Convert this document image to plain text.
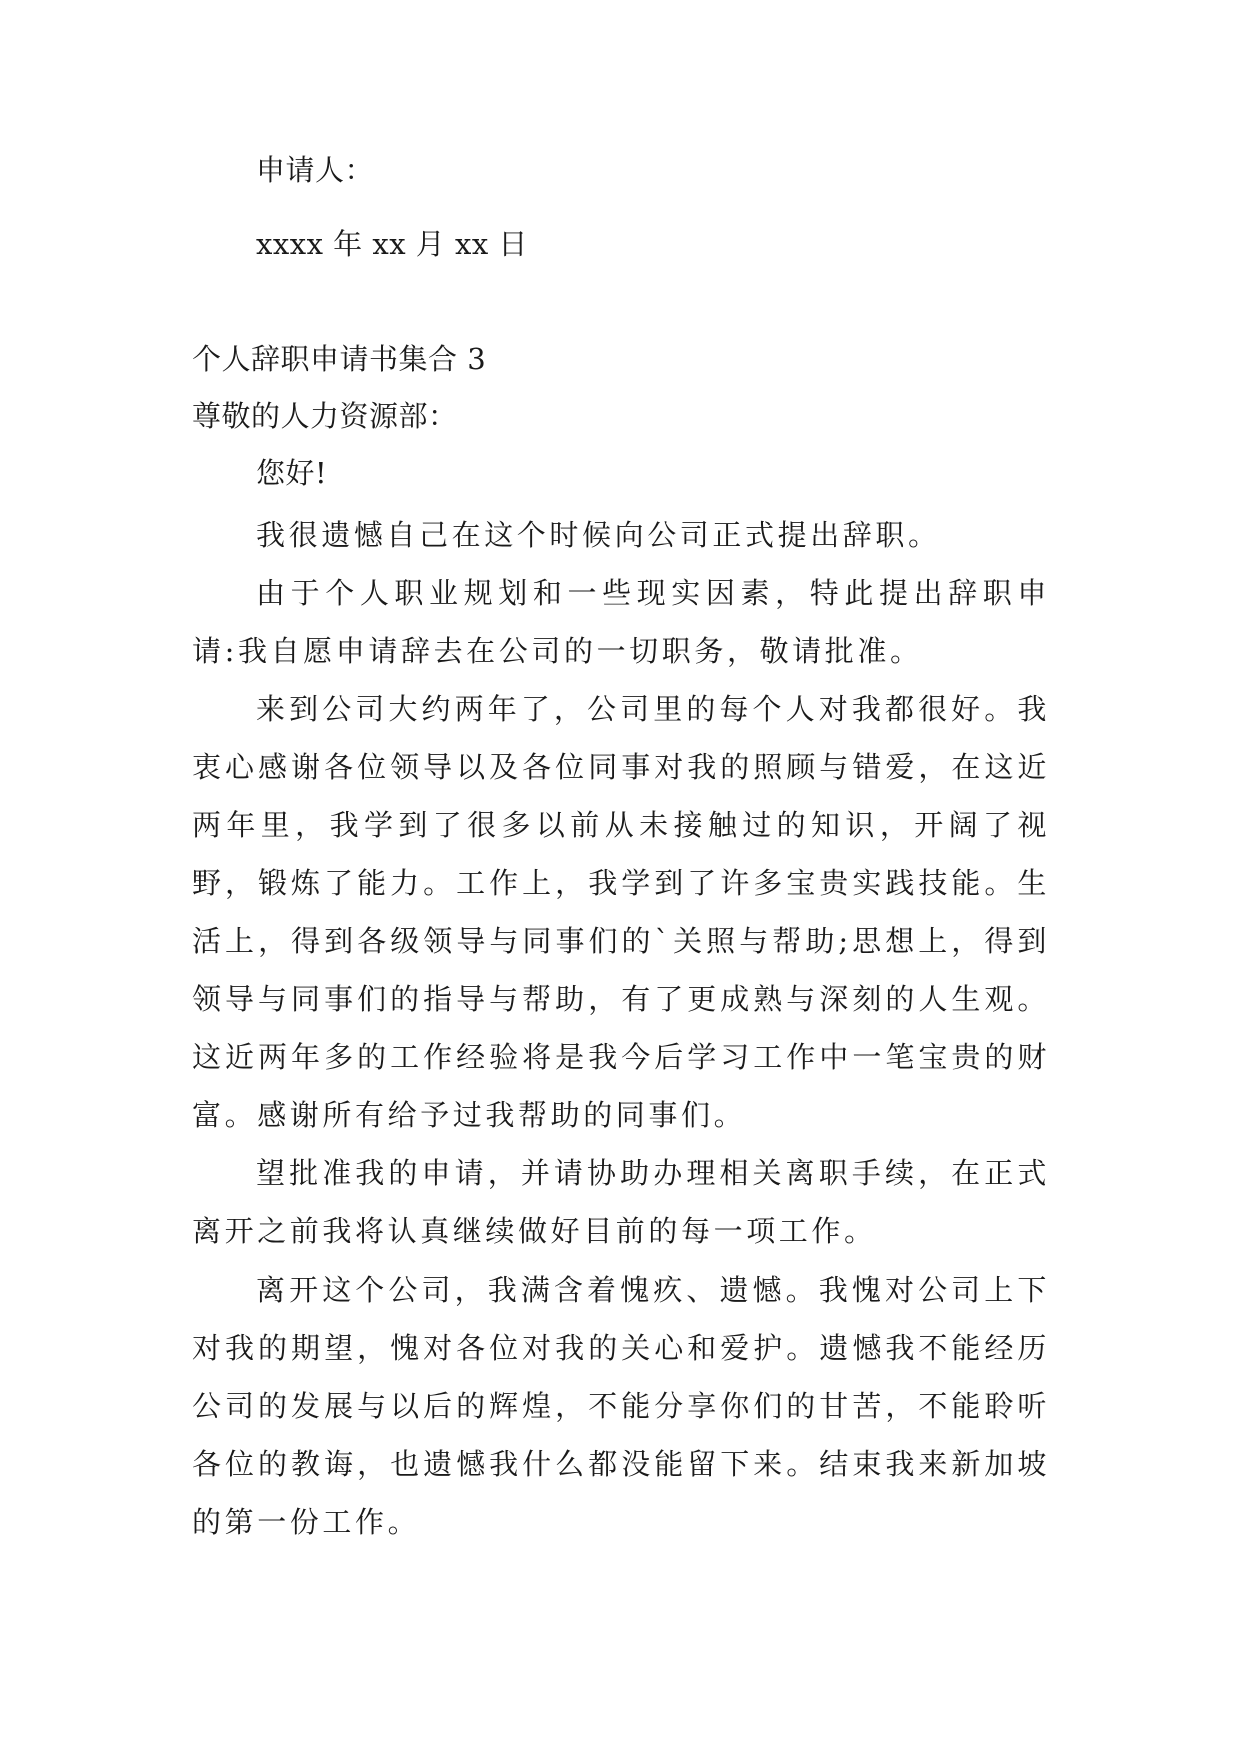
申请人：
xxxx 年 xx 月 xx 日
个人辞职申请书集合 3
尊敬的人力资源部：
您好!

我很遗憾自己在这个时候向公司正式提出辞职。

由于个人职业规划和一些现实因素，特此提出辞职申请:我自愿申请辞去在公司的一切职务，敬请批准。

来到公司大约两年了，公司里的每个人对我都很好。我衷心感谢各位领导以及各位同事对我的照顾与错爱，在这近两年里，我学到了很多以前从未接触过的知识，开阔了视野，锻炼了能力。工作上，我学到了许多宝贵实践技能。生活上，得到各级领导与同事们的`关照与帮助;思想上，得到领导与同事们的指导与帮助，有了更成熟与深刻的人生观。这近两年多的工作经验将是我今后学习工作中一笔宝贵的财富。感谢所有给予过我帮助的同事们。

望批准我的申请，并请协助办理相关离职手续，在正式离开之前我将认真继续做好目前的每一项工作。

离开这个公司，我满含着愧疚、遗憾。我愧对公司上下对我的期望，愧对各位对我的关心和爱护。遗憾我不能经历公司的发展与以后的辉煌，不能分享你们的甘苦，不能聆听各位的教诲，也遗憾我什么都没能留下来。结束我来新加坡的第一份工作。
